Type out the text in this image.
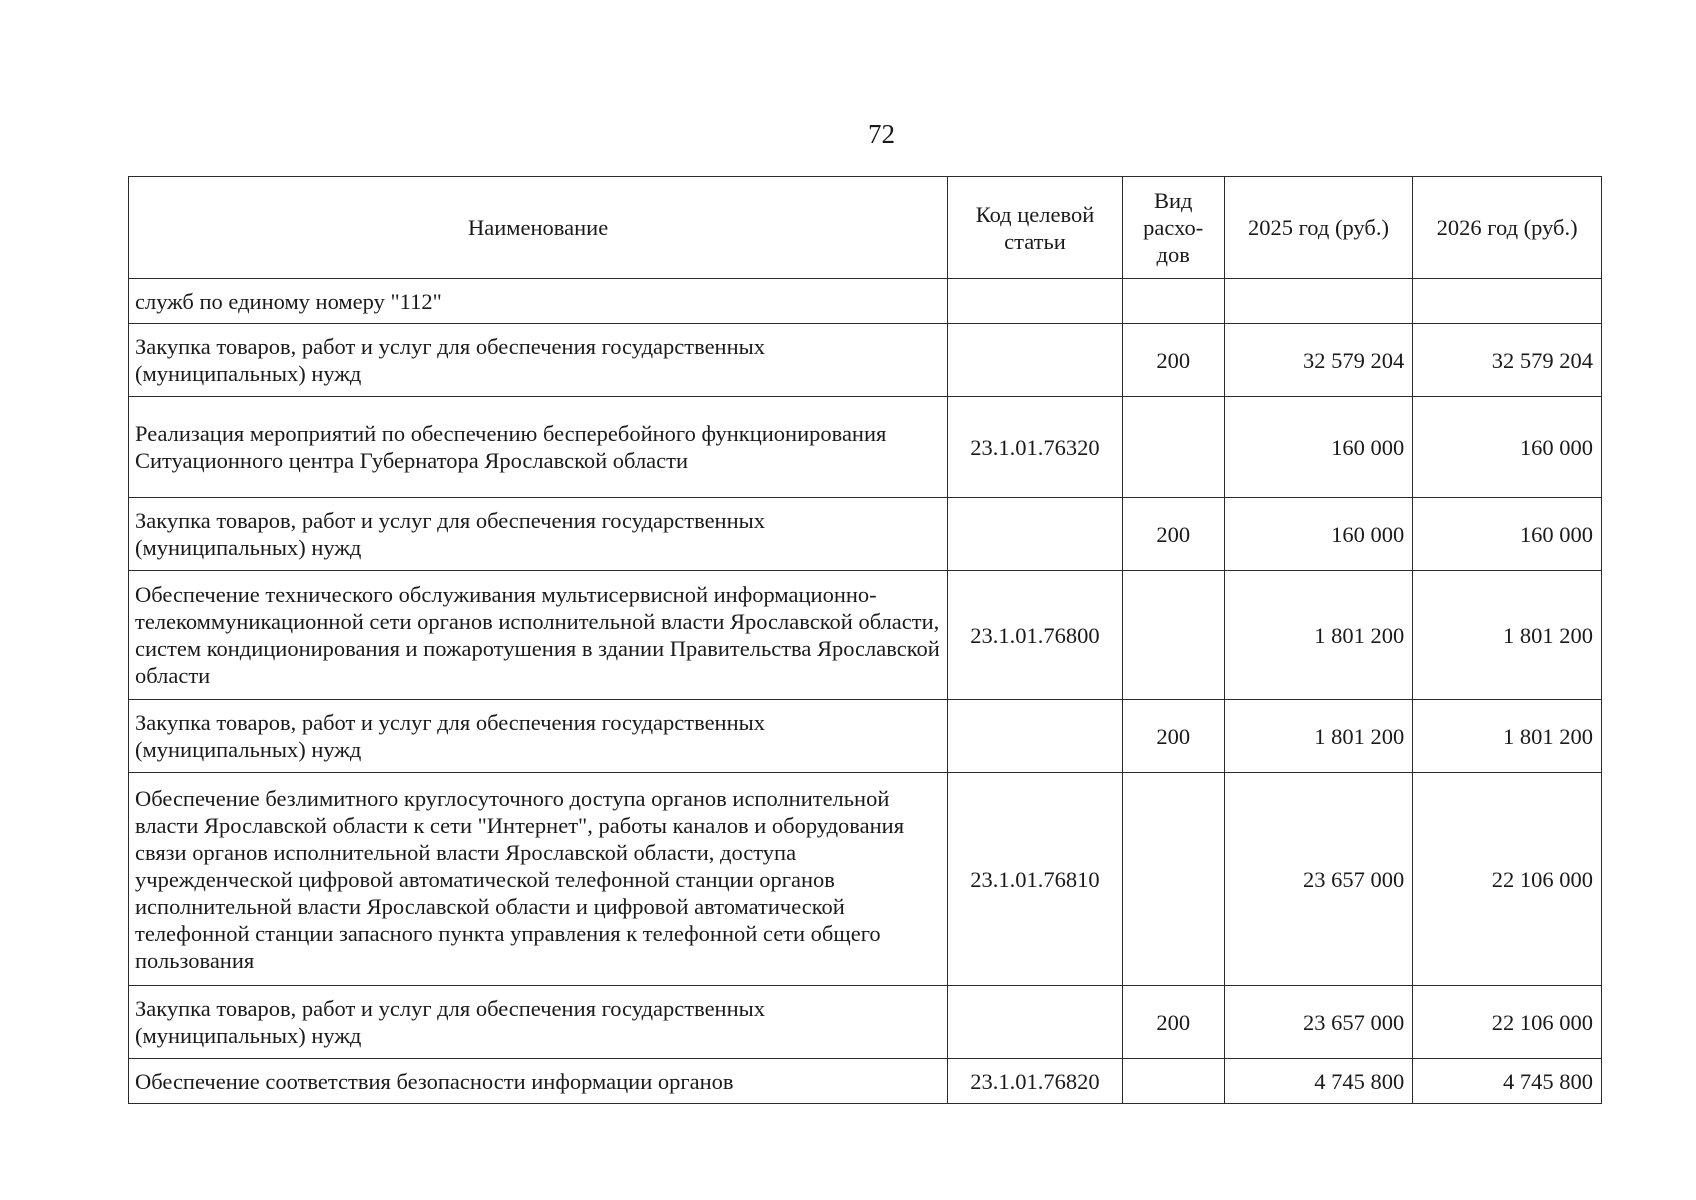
72
Наименование	Код целевой статьи	Вид расхо-дов	2025 год (руб.)	2026 год (руб.)
служб по единому номеру "112"				
Закупка товаров, работ и услуг для обеспечения государственных (муниципальных) нужд		200	32 579 204	32 579 204
Реализация мероприятий по обеспечению бесперебойного функционирования Ситуационного центра Губернатора Ярославской области	23.1.01.76320		160 000	160 000
Закупка товаров, работ и услуг для обеспечения государственных (муниципальных) нужд		200	160 000	160 000
Обеспечение технического обслуживания мультисервисной информационно-телекоммуникационной сети органов исполнительной власти Ярославской области, систем кондиционирования и пожаротушения в здании Правительства Ярославской области	23.1.01.76800		1 801 200	1 801 200
Закупка товаров, работ и услуг для обеспечения государственных (муниципальных) нужд		200	1 801 200	1 801 200
Обеспечение безлимитного круглосуточного доступа органов исполнительной власти Ярославской области к сети "Интернет", работы каналов и оборудования связи органов исполнительной власти Ярославской области, доступа учрежденческой цифровой автоматической телефонной станции органов исполнительной власти Ярославской области и цифровой автоматической телефонной станции запасного пункта управления к телефонной сети общего пользования	23.1.01.76810		23 657 000	22 106 000
Закупка товаров, работ и услуг для обеспечения государственных (муниципальных) нужд		200	23 657 000	22 106 000
Обеспечение соответствия безопасности информации органов	23.1.01.76820		4 745 800	4 745 800
